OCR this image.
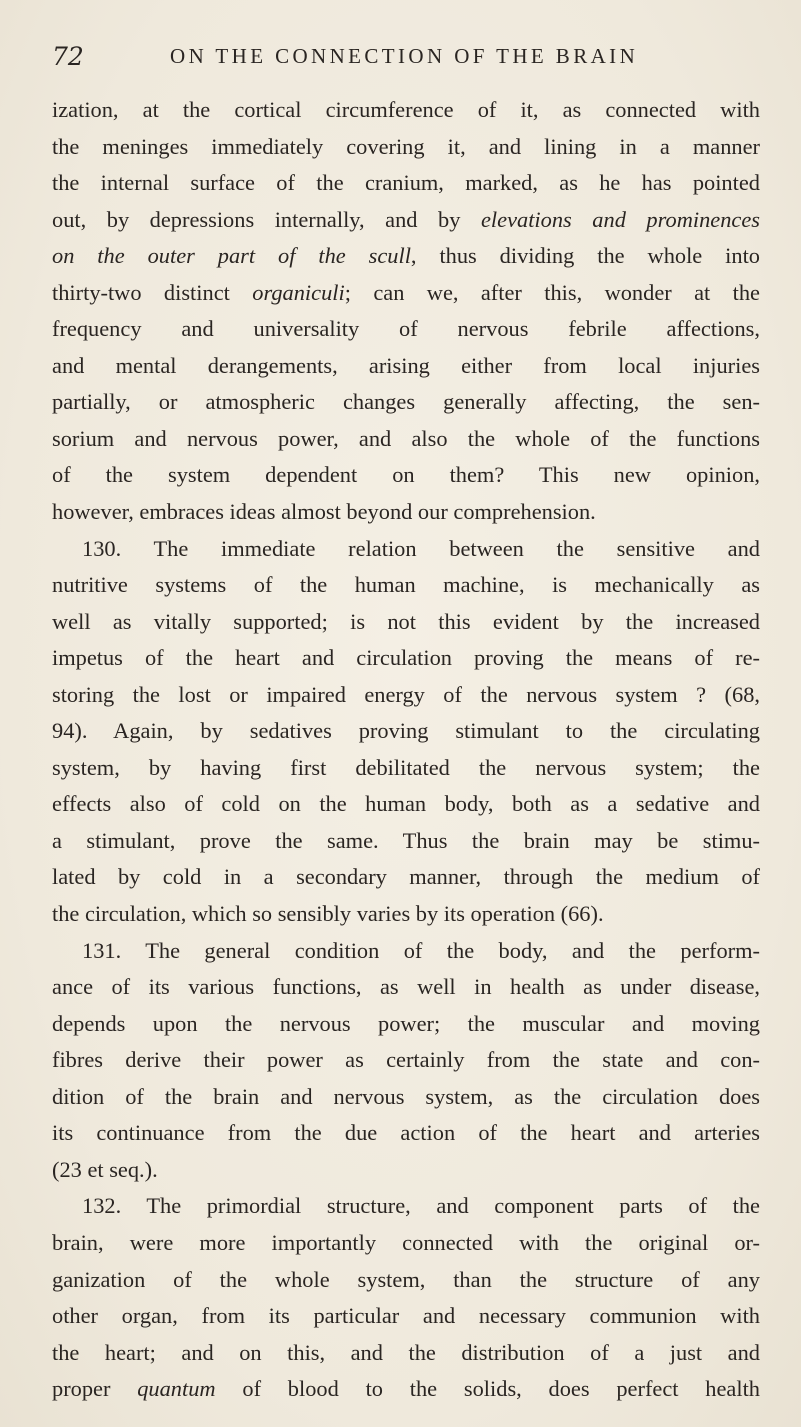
72	ON THE CONNECTION OF THE BRAIN
ization, at the cortical circumference of it, as connected with
the meninges immediately covering it, and lining in a manner
the internal surface of the cranium, marked, as he has pointed
out, by depressions internally, and by elevations and prominences
on the outer part of the scull, thus dividing the whole into
thirty-two distinct organiculi; can we, after this, wonder at the
frequency and universality of nervous febrile affections,
and mental derangements, arising either from local injuries
partially, or atmospheric changes generally affecting, the sen-
sorium and nervous power, and also the whole of the functions
of the system dependent on them? This new opinion,
however, embraces ideas almost beyond our comprehension.
130. The immediate relation between the sensitive and
nutritive systems of the human machine, is mechanically as
well as vitally supported; is not this evident by the increased
impetus of the heart and circulation proving the means of re-
storing the lost or impaired energy of the nervous system ? (68,
94). Again, by sedatives proving stimulant to the circulating
system, by having first debilitated the nervous system; the
effects also of cold on the human body, both as a sedative and
a stimulant, prove the same. Thus the brain may be stimu-
lated by cold in a secondary manner, through the medium of
the circulation, which so sensibly varies by its operation (66).
131. The general condition of the body, and the perform-
ance of its various functions, as well in health as under disease,
depends upon the nervous power; the muscular and moving
fibres derive their power as certainly from the state and con-
dition of the brain and nervous system, as the circulation does
its continuance from the due action of the heart and arteries
(23 et seq.).
132. The primordial structure, and component parts of the
brain, were more importantly connected with the original or-
ganization of the whole system, than the structure of any
other organ, from its particular and necessary communion with
the heart; and on this, and the distribution of a just and
proper quantum of blood to the solids, does perfect health
